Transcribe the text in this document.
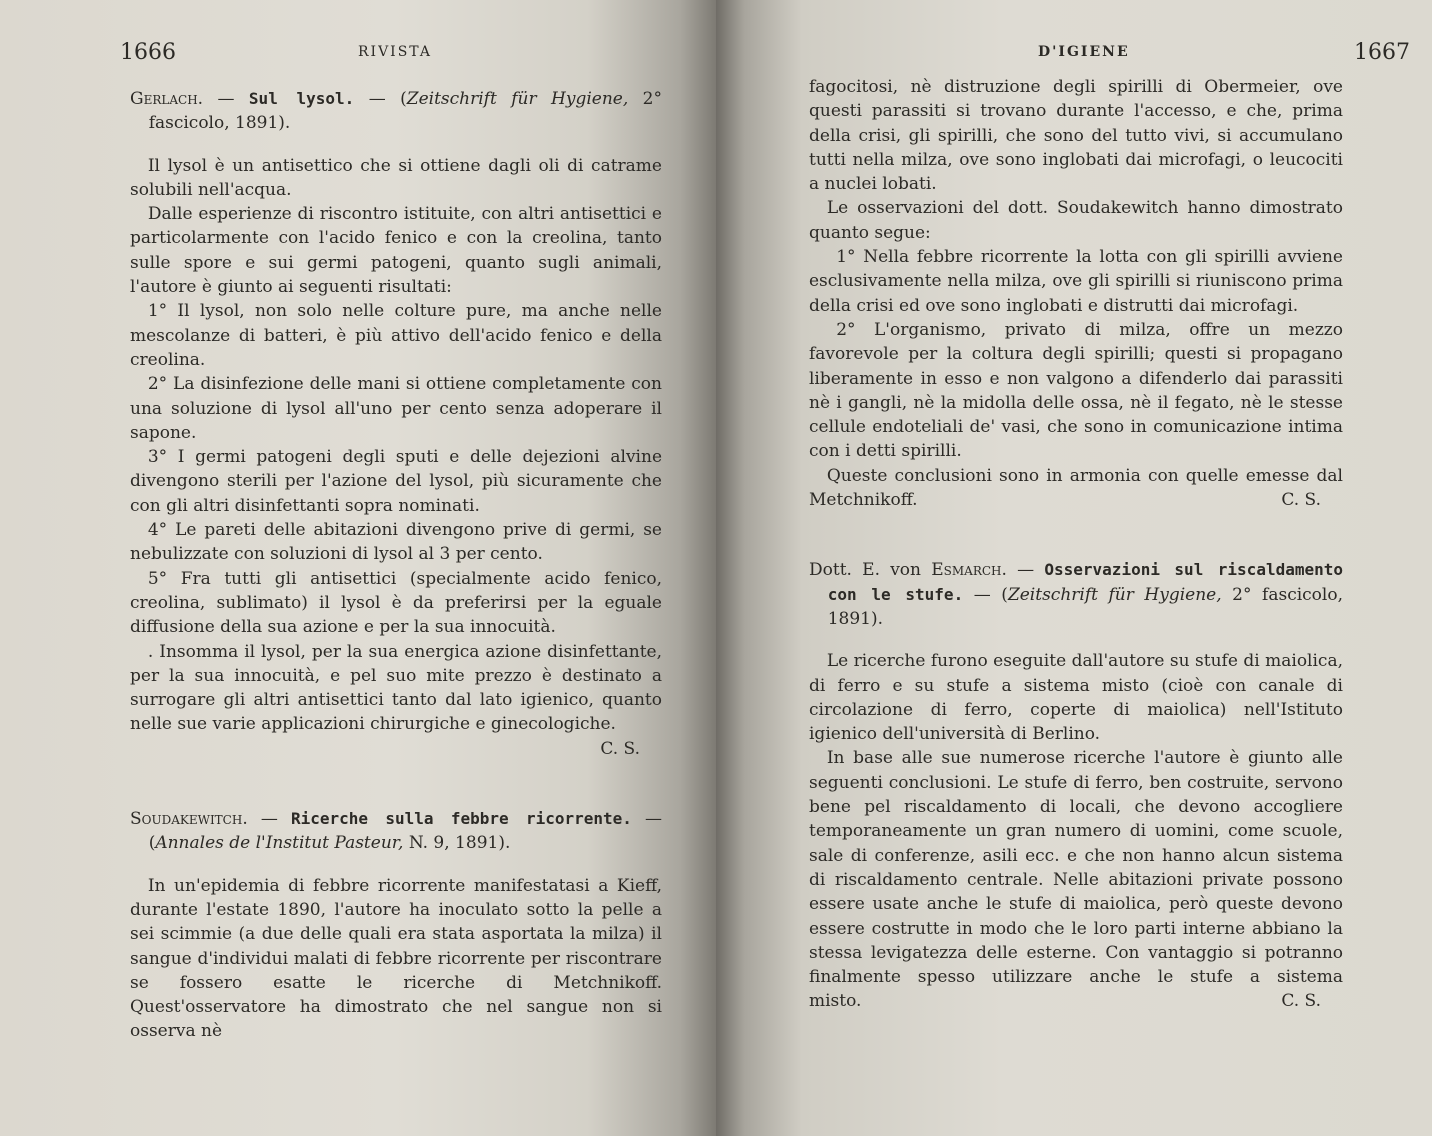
1666	RIVISTA

Gerlach. — Sul lysol. — (Zeitschrift für Hygiene, 2° fascicolo, 1891).

Il lysol è un antisettico che si ottiene dagli oli di catrame solubili nell'acqua.

Dalle esperienze di riscontro istituite, con altri antisettici e particolarmente con l'acido fenico e con la creolina, tanto sulle spore e sui germi patogeni, quanto sugli animali, l'autore è giunto ai seguenti risultati:

1° Il lysol, non solo nelle colture pure, ma anche nelle mescolanze di batteri, è più attivo dell'acido fenico e della creolina.

2° La disinfezione delle mani si ottiene completamente con una soluzione di lysol all'uno per cento senza adoperare il sapone.

3° I germi patogeni degli sputi e delle dejezioni alvine divengono sterili per l'azione del lysol, più sicuramente che con gli altri disinfettanti sopra nominati.

4° Le pareti delle abitazioni divengono prive di germi, se nebulizzate con soluzioni di lysol al 3 per cento.

5° Fra tutti gli antisettici (specialmente acido fenico, creolina, sublimato) il lysol è da preferirsi per la eguale diffusione della sua azione e per la sua innocuità.

. Insomma il lysol, per la sua energica azione disinfettante, per la sua innocuità, e pel suo mite prezzo è destinato a surrogare gli altri antisettici tanto dal lato igienico, quanto nelle sue varie applicazioni chirurgiche e ginecologiche.

C. S.

Soudakewitch. — Ricerche sulla febbre ricorrente. — (Annales de l'Institut Pasteur, N. 9, 1891).

In un'epidemia di febbre ricorrente manifestatasi a Kieff, durante l'estate 1890, l'autore ha inoculato sotto la pelle a sei scimmie (a due delle quali era stata asportata la milza) il sangue d'individui malati di febbre ricorrente per riscontrare se fossero esatte le ricerche di Metchnikoff. Quest'osservatore ha dimostrato che nel sangue non si osserva nè

D'IGIENE	1667

fagocitosi, nè distruzione degli spirilli di Obermeier, ove questi parassiti si trovano durante l'accesso, e che, prima della crisi, gli spirilli, che sono del tutto vivi, si accumulano tutti nella milza, ove sono inglobati dai microfagi, o leucociti a nuclei lobati.

Le osservazioni del dott. Soudakewitch hanno dimostrato quanto segue:

1° Nella febbre ricorrente la lotta con gli spirilli avviene esclusivamente nella milza, ove gli spirilli si riuniscono prima della crisi ed ove sono inglobati e distrutti dai microfagi.

2° L'organismo, privato di milza, offre un mezzo favorevole per la coltura degli spirilli; questi si propagano liberamente in esso e non valgono a difenderlo dai parassiti nè i gangli, nè la midolla delle ossa, nè il fegato, nè le stesse cellule endoteliali de' vasi, che sono in comunicazione intima con i detti spirilli.

Queste conclusioni sono in armonia con quelle emesse dal

Metchnikoff.	C. S.

Dott. E. von Esmarch. — Osservazioni sul riscaldamento con le stufe. — (Zeitschrift für Hygiene, 2° fascicolo, 1891).

Le ricerche furono eseguite dall'autore su stufe di maiolica, di ferro e su stufe a sistema misto (cioè con canale di circolazione di ferro, coperte di maiolica) nell'Istituto igienico dell'università di Berlino.

In base alle sue numerose ricerche l'autore è giunto alle seguenti conclusioni. Le stufe di ferro, ben costruite, servono bene pel riscaldamento di locali, che devono accogliere temporaneamente un gran numero di uomini, come scuole, sale di conferenze, asili ecc. e che non hanno alcun sistema di riscaldamento centrale. Nelle abitazioni private possono essere usate anche le stufe di maiolica, però queste devono essere costrutte in modo che le loro parti interne abbiano la stessa levigatezza delle esterne. Con vantaggio si potranno finalmente spesso utilizzare anche le stufe a sistema

misto.	C. S.
